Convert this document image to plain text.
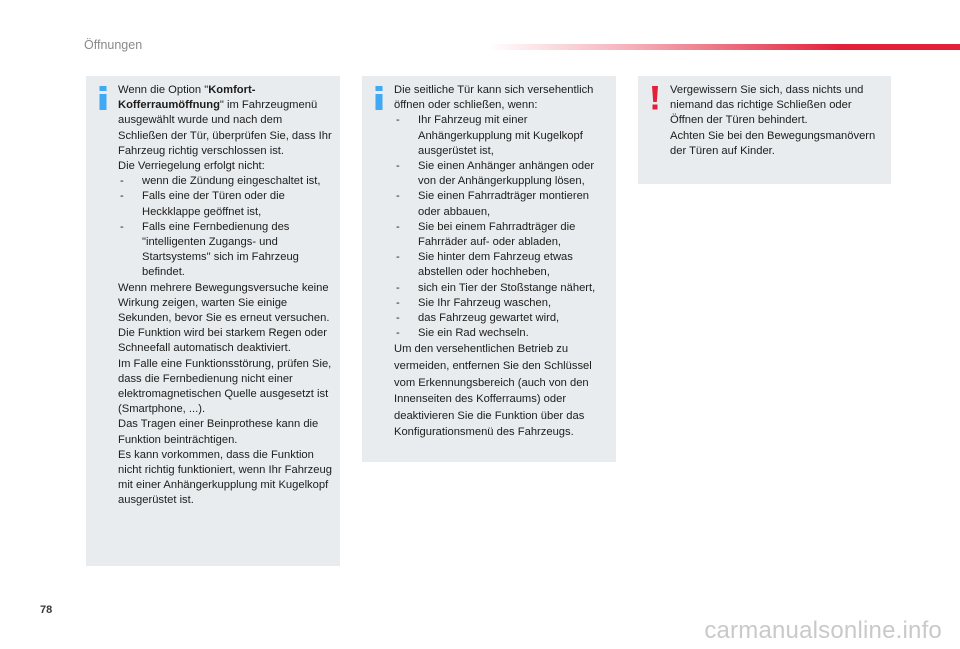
Öffnungen

Wenn die Option "Komfort-Kofferraumöffnung" im Fahrzeugmenü ausgewählt wurde und nach dem Schließen der Tür, überprüfen Sie, dass Ihr Fahrzeug richtig verschlossen ist.

Die Verriegelung erfolgt nicht:

- wenn die Zündung eingeschaltet ist,
- Falls eine der Türen oder die Heckklappe geöffnet ist,
- Falls eine Fernbedienung des "intelligenten Zugangs- und Startsystems" sich im Fahrzeug befindet.

Wenn mehrere Bewegungsversuche keine Wirkung zeigen, warten Sie einige Sekunden, bevor Sie es erneut versuchen.

Die Funktion wird bei starkem Regen oder Schneefall automatisch deaktiviert.

Im Falle eine Funktionsstörung, prüfen Sie, dass die Fernbedienung nicht einer elektromagnetischen Quelle ausgesetzt ist (Smartphone, ...).

Das Tragen einer Beinprothese kann die Funktion beinträchtigen.

Es kann vorkommen, dass die Funktion nicht richtig funktioniert, wenn Ihr Fahrzeug mit einer Anhängerkupplung mit Kugelkopf ausgerüstet ist.

Die seitliche Tür kann sich versehentlich öffnen oder schließen, wenn:

- Ihr Fahrzeug mit einer Anhängerkupplung mit Kugelkopf ausgerüstet ist,
- Sie einen Anhänger anhängen oder von der Anhängerkupplung lösen,
- Sie einen Fahrradträger montieren oder abbauen,
- Sie bei einem Fahrradträger die Fahrräder auf- oder abladen,
- Sie hinter dem Fahrzeug etwas abstellen oder hochheben,
- sich ein Tier der Stoßstange nähert,
- Sie Ihr Fahrzeug waschen,
- das Fahrzeug gewartet wird,
- Sie ein Rad wechseln.

Um den versehentlichen Betrieb zu vermeiden, entfernen Sie den Schlüssel vom Erkennungsbereich (auch von den Innenseiten des Kofferraums) oder deaktivieren Sie die Funktion über das Konfigurationsmenü des Fahrzeugs.

Vergewissern Sie sich, dass nichts und niemand das richtige Schließen oder Öffnen der Türen behindert.

Achten Sie bei den Bewegungsmanövern der Türen auf Kinder.

78
carmanualsonline.info
